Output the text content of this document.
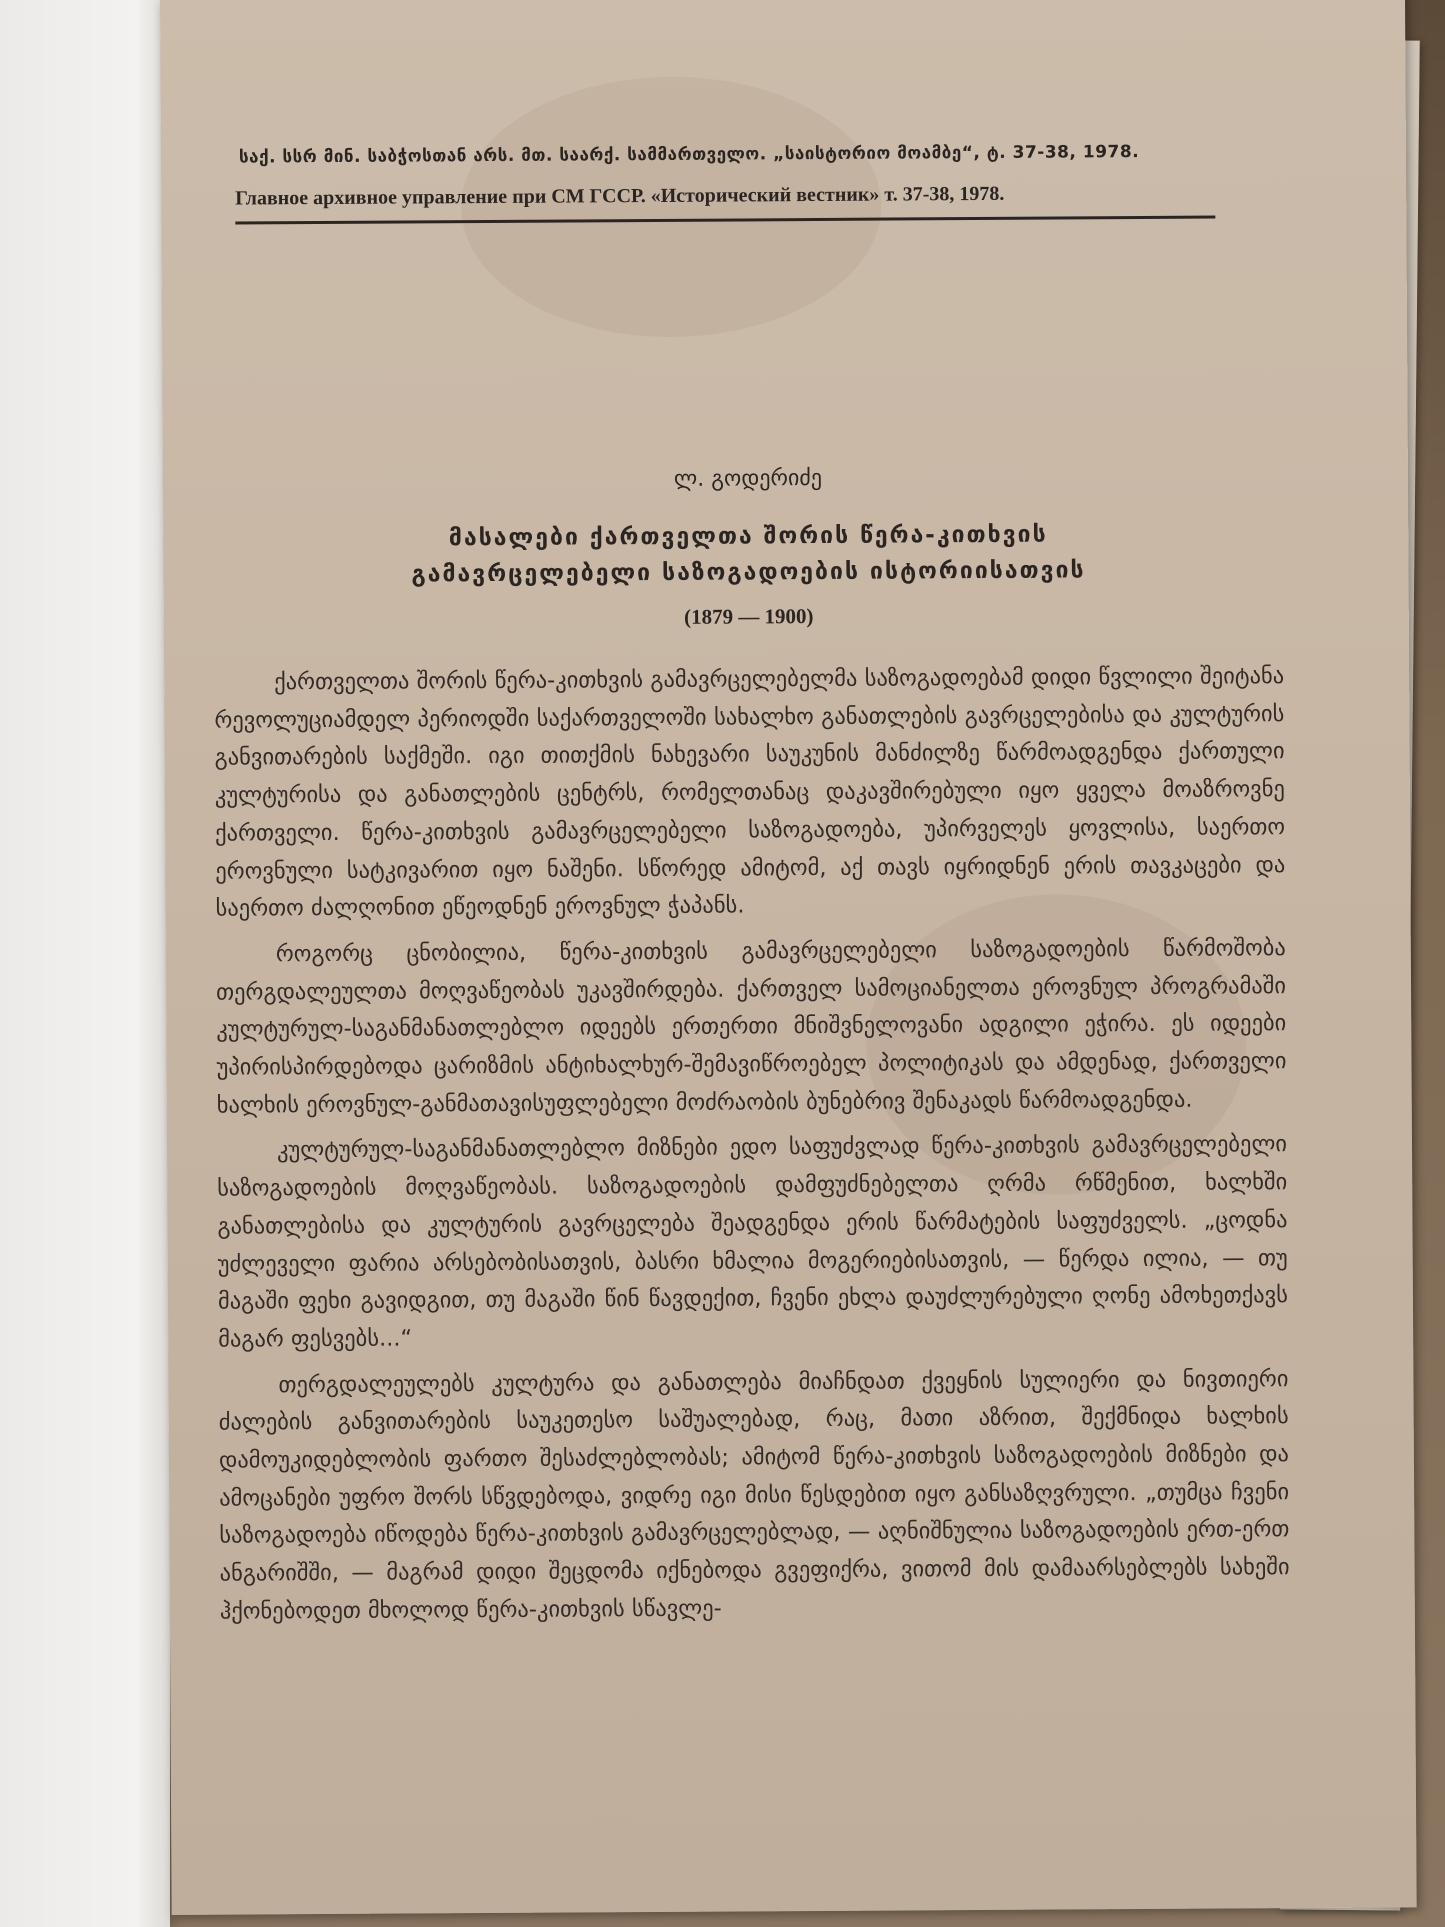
საქ. სსრ მინ. საბჭოსთან არს. მთ. საარქ. სამმართველო. „საისტორიო მოამბე“, ტ. 37-38, 1978.
Главное архивное управление при СМ ГССР. «Исторический вестник» т. 37-38, 1978.
ლ. გოდერიძე
მასალები ქართველთა შორის წერა-კითხვის
გამავრცელებელი საზოგადოების ისტორიისათვის
(1879 — 1900)

ქართველთა შორის წერა-კითხვის გამავრცელებელმა საზოგადოებამ დიდი წვლილი შეიტანა რევოლუციამდელ პერიოდში საქართველოში სახალხო განათლების გავრცელებისა და კულტურის განვითარების საქმეში. იგი თითქმის ნახევარი საუკუნის მანძილზე წარმოადგენდა ქართული კულტურისა და განათლების ცენტრს, რომელთანაც დაკავშირებული იყო ყველა მოაზროვნე ქართველი. წერა-კითხვის გამავრცელებელი საზოგადოება, უპირველეს ყოვლისა, საერთო ეროვნული სატკივარით იყო ნაშენი. სწორედ ამიტომ, აქ თავს იყრიდნენ ერის თავკაცები და საერთო ძალღონით ეწეოდნენ ეროვნულ ჭაპანს.

როგორც ცნობილია, წერა-კითხვის გამავრცელებელი საზოგადოების წარმოშობა თერგდალეულთა მოღვაწეობას უკავშირდება. ქართველ სამოციანელთა ეროვნულ პროგრამაში კულტურულ-საგანმანათლებლო იდეებს ერთერთი მნიშვნელოვანი ადგილი ეჭირა. ეს იდეები უპირისპირდებოდა ცარიზმის ანტიხალხურ-შემავიწროებელ პოლიტიკას და ამდენად, ქართველი ხალხის ეროვნულ-განმათავისუფლებელი მოძრაობის ბუნებრივ შენაკადს წარმოადგენდა.

კულტურულ-საგანმანათლებლო მიზნები ედო საფუძვლად წერა-კითხვის გამავრცელებელი საზოგადოების მოღვაწეობას. საზოგადოების დამფუძნებელთა ღრმა რწმენით, ხალხში განათლებისა და კულტურის გავრცელება შეადგენდა ერის წარმატების საფუძველს. „ცოდნა უძლეველი ფარია არსებობისათვის, ბასრი ხმალია მოგერიებისათვის, — წერდა ილია, — თუ მაგაში ფეხი გავიდგით, თუ მაგაში წინ წავდექით, ჩვენი ეხლა დაუძლურებული ღონე ამოხეთქავს მაგარ ფესვებს...“

თერგდალეულებს კულტურა და განათლება მიაჩნდათ ქვეყნის სულიერი და ნივთიერი ძალების განვითარების საუკეთესო საშუალებად, რაც, მათი აზრით, შექმნიდა ხალხის დამოუკიდებლობის ფართო შესაძლებლობას; ამიტომ წერა-კითხვის საზოგადოების მიზნები და ამოცანები უფრო შორს სწვდებოდა, ვიდრე იგი მისი წესდებით იყო განსაზღვრული. „თუმცა ჩვენი საზოგადოება იწოდება წერა-კითხვის გამავრცელებლად, — აღნიშნულია საზოგადოების ერთ-ერთ ანგარიშში, — მაგრამ დიდი შეცდომა იქნებოდა გვეფიქრა, ვითომ მის დამაარსებლებს სახეში ჰქონებოდეთ მხოლოდ წერა-კითხვის სწავლე-
